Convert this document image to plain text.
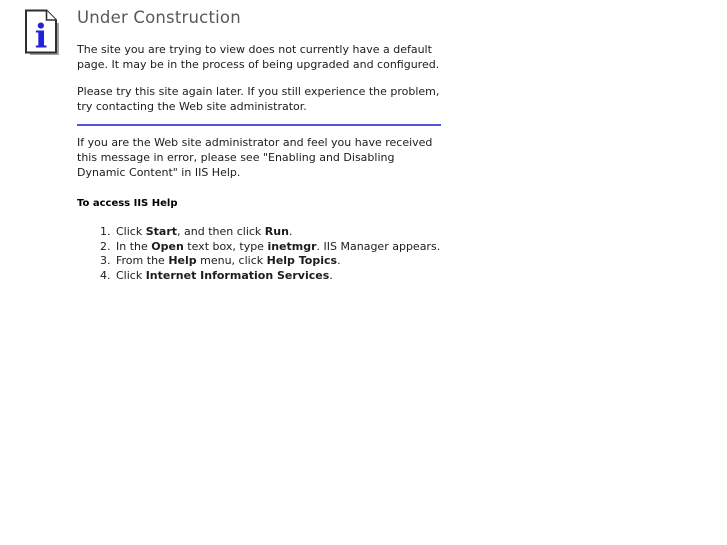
i Under Construction

The site you are trying to view does not currently have a default page. It may be in the process of being upgraded and configured.

Please try this site again later. If you still experience the problem, try contacting the Web site administrator.

If you are the Web site administrator and feel you have received this message in error, please see "Enabling and Disabling Dynamic Content" in IIS Help.

To access IIS Help
1. Click Start, and then click Run.
2. In the Open text box, type inetmgr. IIS Manager appears.
3. From the Help menu, click Help Topics.
4. Click Internet Information Services.
